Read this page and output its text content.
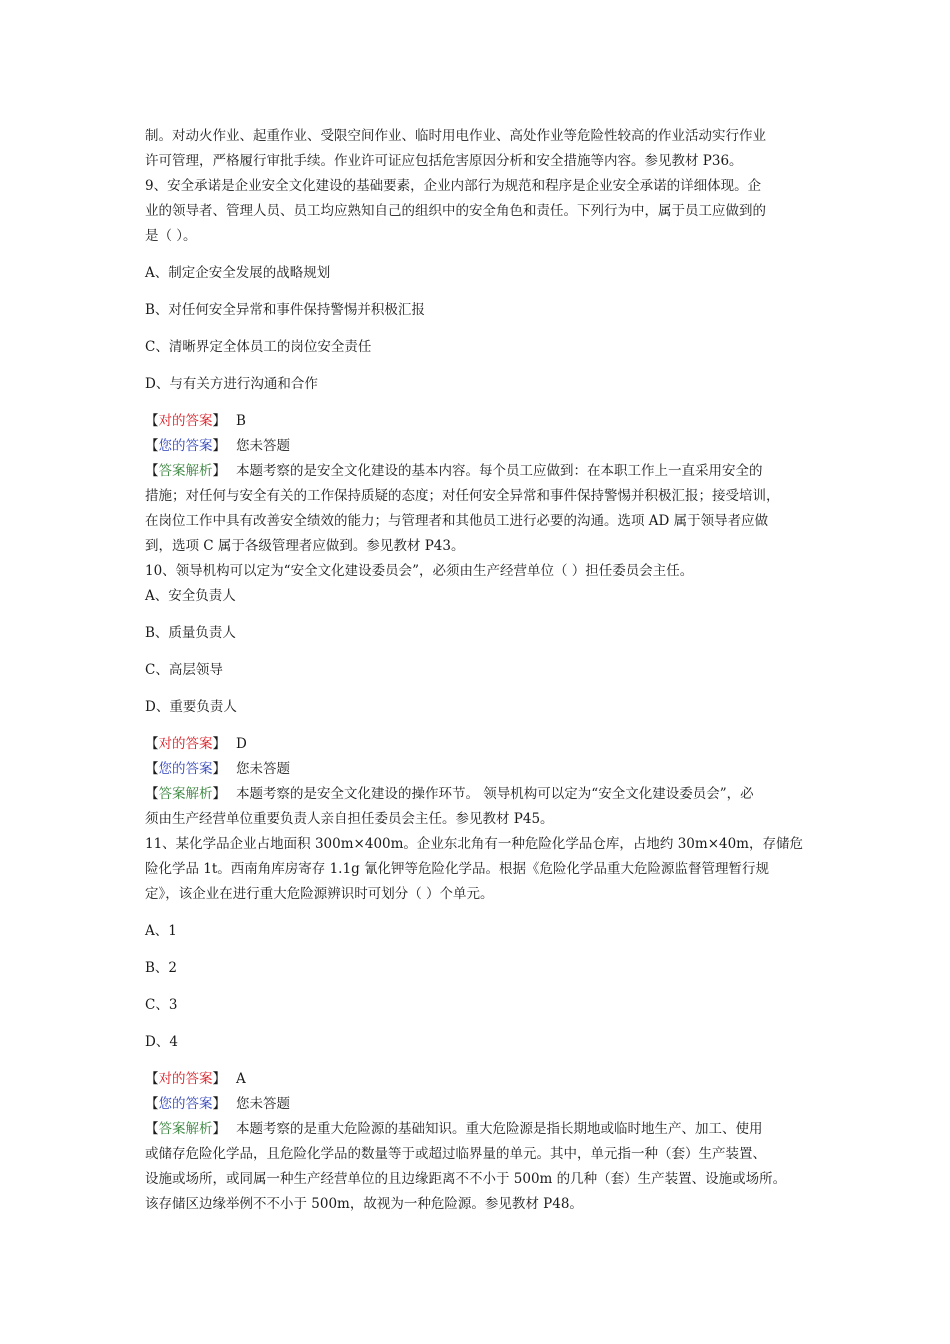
制。对动火作业、起重作业、受限空间作业、临时用电作业、高处作业等危险性较高的作业活动实行作业
许可管理，严格履行审批手续。作业许可证应包括危害原因分析和安全措施等内容。参见教材 P36。
9、安全承诺是企业安全文化建设的基础要素，企业内部行为规范和程序是企业安全承诺的详细体现。企
业的领导者、管理人员、员工均应熟知自己的组织中的安全角色和责任。下列行为中，属于员工应做到的
是（ ）。
A、制定企安全发展的战略规划
B、对任何安全异常和事件保持警惕并积极汇报
C、清晰界定全体员工的岗位安全责任
D、与有关方进行沟通和合作
【对的答案】 B
【您的答案】 您未答题
【答案解析】 本题考察的是安全文化建设的基本内容。每个员工应做到：在本职工作上一直采用安全的
措施；对任何与安全有关的工作保持质疑的态度；对任何安全异常和事件保持警惕并积极汇报；接受培训，
在岗位工作中具有改善安全绩效的能力；与管理者和其他员工进行必要的沟通。选项 AD 属于领导者应做
到，选项 C 属于各级管理者应做到。参见教材 P43。
10、领导机构可以定为“安全文化建设委员会”，必须由生产经营单位（ ）担任委员会主任。
A、安全负责人
B、质量负责人
C、高层领导
D、重要负责人
【对的答案】 D
【您的答案】 您未答题
【答案解析】 本题考察的是安全文化建设的操作环节。 领导机构可以定为“安全文化建设委员会”，必
须由生产经营单位重要负责人亲自担任委员会主任。参见教材 P45。
11、某化学品企业占地面积 300m×400m。企业东北角有一种危险化学品仓库，占地约 30m×40m，存储危
险化学品 1t。西南角库房寄存 1.1g 氰化钾等危险化学品。根据《危险化学品重大危险源监督管理暂行规
定》，该企业在进行重大危险源辨识时可划分（ ）个单元。
A、1
B、2
C、3
D、4
【对的答案】 A
【您的答案】 您未答题
【答案解析】 本题考察的是重大危险源的基础知识。重大危险源是指长期地或临时地生产、加工、使用
或储存危险化学品，且危险化学品的数量等于或超过临界量的单元。其中，单元指一种（套）生产装置、
设施或场所，或同属一种生产经营单位的且边缘距离不不小于 500m 的几种（套）生产装置、设施或场所。
该存储区边缘举例不不小于 500m，故视为一种危险源。参见教材 P48。
